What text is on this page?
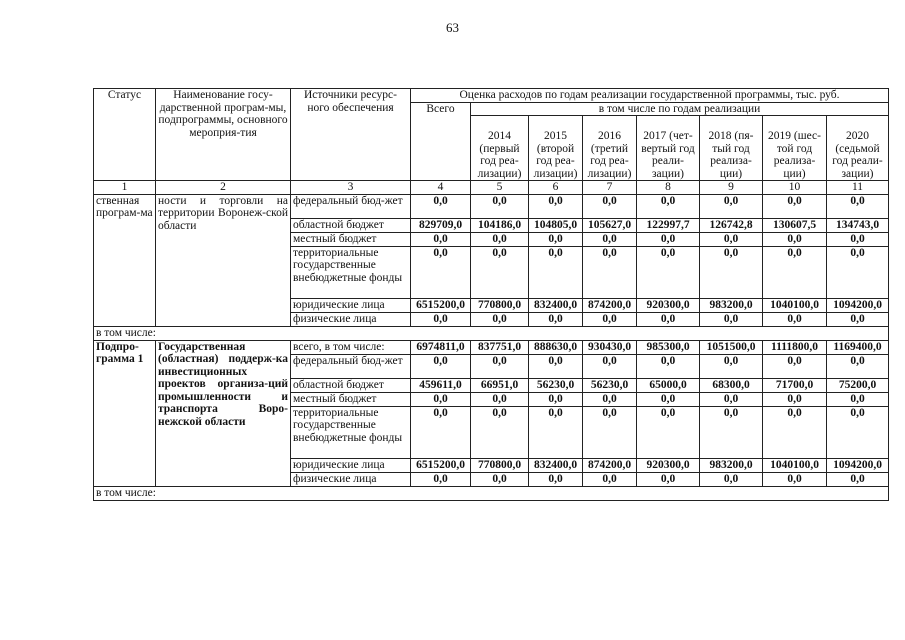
63
Статус	Наименование госу-дарственной програм-мы, подпрограммы, основного мероприя-тия	Источники ресурс-ного обеспечения	Оценка расходов по годам реализации государственной программы, тыс. руб.							
			Всего	в том числе по годам реализации						
				2014 (первый год реа-лизации)	2015 (второй год реа-лизации)	2016 (третий год реа-лизации)	2017 (чет-вертый год реали-зации)	2018 (пя-тый год реализа-ции)	2019 (шес-той год реализа-ции)	2020 (седьмой год реали-зации)
1	2	3	4	5	6	7	8	9	10	11
ственная програм-ма	ности и торговли на территории Воронеж-ской области	федеральный бюд-жет	0,0	0,0	0,0	0,0	0,0	0,0	0,0	0,0
		областной бюджет	829709,0	104186,0	104805,0	105627,0	122997,7	126742,8	130607,5	134743,0
		местный бюджет	0,0	0,0	0,0	0,0	0,0	0,0	0,0	0,0
		территориальные государственные внебюджетные фонды	0,0	0,0	0,0	0,0	0,0	0,0	0,0	0,0
		юридические лица	6515200,0	770800,0	832400,0	874200,0	920300,0	983200,0	1040100,0	1094200,0
		физические лица	0,0	0,0	0,0	0,0	0,0	0,0	0,0	0,0
в том числе:										
Подпро-грамма 1	Государственная (областная) поддерж-ка инвестиционных проектов организа-ций промышленности и транспорта Воро-нежской области	всего, в том числе:	6974811,0	837751,0	888630,0	930430,0	985300,0	1051500,0	1111800,0	1169400,0
		федеральный бюд-жет	0,0	0,0	0,0	0,0	0,0	0,0	0,0	0,0
		областной бюджет	459611,0	66951,0	56230,0	56230,0	65000,0	68300,0	71700,0	75200,0
		местный бюджет	0,0	0,0	0,0	0,0	0,0	0,0	0,0	0,0
		территориальные государственные внебюджетные фонды	0,0	0,0	0,0	0,0	0,0	0,0	0,0	0,0
		юридические лица	6515200,0	770800,0	832400,0	874200,0	920300,0	983200,0	1040100,0	1094200,0
		физические лица	0,0	0,0	0,0	0,0	0,0	0,0	0,0	0,0
в том числе:										
